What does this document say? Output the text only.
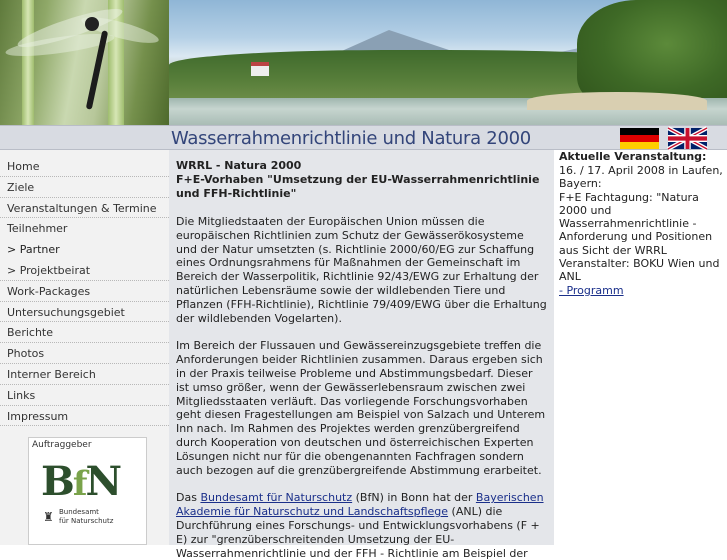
Wasserrahmenrichtlinie und Natura 2000
Home
Ziele
Veranstaltungen & Termine
Teilnehmer
> Partner
> Projektbeirat
Work-Packages
Untersuchungsgebiet
Berichte
Photos
Interner Bereich
Links
Impressum
Auftraggeber
BfN
♜ Bundesamt
für Naturschutz
WRRL - Natura 2000
F+E-Vorhaben "Umsetzung der EU-Wasserrahmenrichtlinie und FFH-Richtlinie"

Die Mitgliedstaaten der Europäischen Union müssen die europäischen Richtlinien zum Schutz der Gewässerökosysteme und der Natur umsetzten (s. Richtlinie 2000/60/EG zur Schaffung eines Ordnungsrahmens für Maßnahmen der Gemeinschaft im Bereich der Wasserpolitik, Richtlinie 92/43/EWG zur Erhaltung der natürlichen Lebensräume sowie der wildlebenden Tiere und Pflanzen (FFH-Richtlinie), Richtlinie 79/409/EWG über die Erhaltung der wildlebenden Vogelarten).

Im Bereich der Flussauen und Gewässereinzugsgebiete treffen die Anforderungen beider Richtlinien zusammen. Daraus ergeben sich in der Praxis teilweise Probleme und Abstimmungsbedarf. Dieser ist umso größer, wenn der Gewässerlebensraum zwischen zwei Mitgliedsstaaten verläuft. Das vorliegende Forschungsvorhaben geht diesen Fragestellungen am Beispiel von Salzach und Unterem Inn nach. Im Rahmen des Projektes werden grenzübergreifend durch Kooperation von deutschen und österreichischen Experten Lösungen nicht nur für die obengenannten Fachfragen sondern auch bezogen auf die grenzübergreifende Abstimmung erarbeitet.

Das Bundesamt für Naturschutz (BfN) in Bonn hat der Bayerischen Akademie für Naturschutz und Landschaftspflege (ANL) die Durchführung eines Forschungs- und Entwicklungsvorhabens (F + E) zur "grenzüberschreitenden Umsetzung der EU-Wasserrahmenrichtlinie und der FFH - Richtlinie am Beispiel der

Aktuelle Veranstaltung:
16. / 17. April 2008 in Laufen, Bayern:
F+E Fachtagung: "Natura 2000 und Wasserrahmenrichtlinie - Anforderung und Positionen aus Sicht der WRRL
Veranstalter: BOKU Wien und ANL
- Programm
